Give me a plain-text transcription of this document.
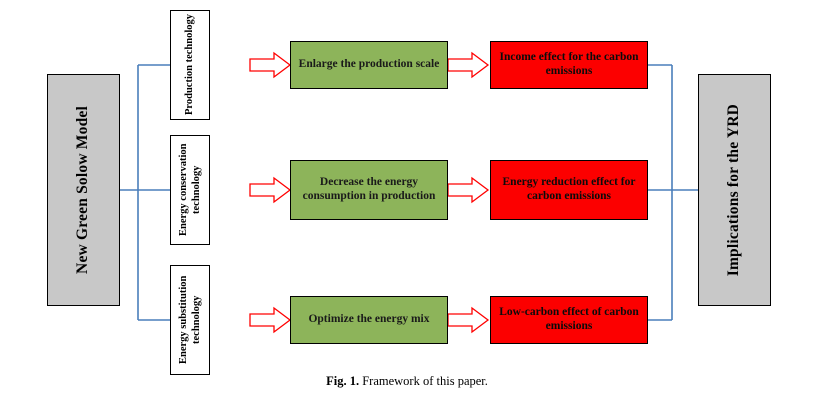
New Green Solow Model
Production technology
Energy conservation technology
Energy substitution technology
Enlarge the production scale
Decrease the energy consumption in production
Optimize the energy mix
Income effect for the carbon emissions
Energy reduction effect for carbon emissions
Low-carbon effect of carbon emissions
Implications for the YRD
Fig. 1. Framework of this paper.
